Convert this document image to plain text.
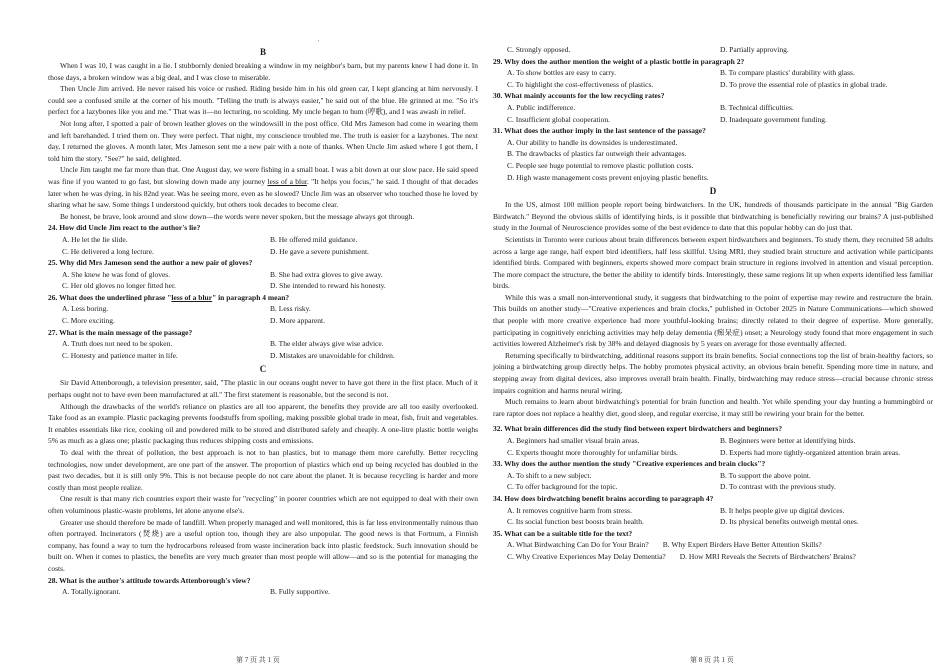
'
B

When I was 10, I was caught in a lie. I stubbornly denied breaking a window in my neighbor's barn, but my parents knew I had done it. In those days, a broken window was a big deal, and I was close to miserable.

Then Uncle Jim arrived. He never raised his voice or rushed. Riding beside him in his old green car, I kept glancing at him nervously. I could see a confused smile at the corner of his mouth. "Telling the truth is always easier," he said out of the blue. He grinned at me. "So it's perfect for a lazybones like you and me." That was it—no lecturing, no scolding. My uncle began to hum (哼歌), and I was awash in relief.

Not long after, I spotted a pair of brown leather gloves on the windowsill in the post office. Old Mrs Jameson had come in wearing them and left barehanded. I tried them on. They were perfect. That night, my conscience troubled me. The truth is easier for a lazybones. The next day, I returned the gloves. A month later, Mrs Jameson sent me a new pair with a note of thanks. When Uncle Jim asked where I got them, I told him the story. "See?" he said, delighted.

Uncle Jim taught me far more than that. One August day, we were fishing in a small boat. I was a bit down at our slow pace. He said speed was fine if you wanted to go fast, but slowing down made any journey less of a blur. "It helps you focus," he said. I thought of that decades later when he was dying, in his 82nd year. Was he seeing more, even as he slowed? Uncle Jim was an observer who touched those he loved by sharing what he saw. Some things I understood quickly, but others took decades to become clear.

Be honest, be brave, look around and slow down—the words were never spoken, but the message always got through.

24. How did Uncle Jim react to the author's lie?

A. He let the lie slide.	B. He offered mild guidance.
C. He delivered a long lecture.	D. He gave a severe punishment.

25. Why did Mrs Jameson send the author a new pair of gloves?

A. She knew he was fond of gloves.	B. She had extra gloves to give away.
C. Her old gloves no longer fitted her.	D. She intended to reward his honesty.

26. What does the underlined phrase "less of a blur" in paragraph 4 mean?

A. Less boring.	B. Less risky.
C. More exciting.	D. More apparent.

27. What is the main message of the passage?

A. Truth does not need to be spoken.	B. The elder always give wise advice.
C. Honesty and patience matter in life.	D. Mistakes are unavoidable for children.
C

Sir David Attenborough, a television presenter, said, "The plastic in our oceans ought never to have got there in the first place. Much of it perhaps ought not to have even been manufactured at all." The first statement is reasonable, but the second is not.

Although the drawbacks of the world's reliance on plastics are all too apparent, the benefits they provide are all too easily overlooked. Take food as an example. Plastic packaging prevents foodstuffs from spoiling, making possible global trade in meat, fish, fruit and vegetables. It enables essentials like rice, cooking oil and powdered milk to be stored and distributed safely and cheaply. A one-litre plastic bottle weighs 5% as much as a glass one; plastic packaging thus reduces shipping costs and emissions.

To deal with the threat of pollution, the best approach is not to ban plastics, but to manage them more carefully. Better recycling technologies, now under development, are one part of the answer. The proportion of plastics which end up being recycled has doubled in the past two decades, but it is still only 9%. This is not because people do not care about the planet. It is because recycling is harder and more costly than most people realize.

One result is that many rich countries export their waste for "recycling" in poorer countries which are not equipped to deal with their own often voluminous plastic-waste problems, let alone anyone else's.

Greater use should therefore be made of landfill. When properly managed and well monitored, this is far less environmentally ruinous than often portrayed. Incinerators (焚烧) are a useful option too, though they are also unpopular. The good news is that Fortnum, a Finnish company, has found a way to turn the hydrocarbons released from waste incineration back into plastic feedstock. Such innovation should be built on. When it comes to plastics, the benefits are very much greater than most people will allow—and so is the potential for managing the costs.

28. What is the author's attitude towards Attenborough's view?

A. Totally.ignorant.	B. Fully supportive.
第 7 页 共 1 页
C. Strongly opposed.	D. Partially approving.

29. Why does the author mention the weight of a plastic bottle in paragraph 2?

A. To show bottles are easy to carry.	B. To compare plastics' durability with glass.
C. To highlight the cost-effectiveness of plastics.	D. To prove the essential role of plastics in global trade.

30. What mainly accounts for the low recycling rates?

A. Public indifference.	B. Technical difficulties.
C. Insufficient global cooperation.	D. Inadequate government funding.

31. What does the author imply in the last sentence of the passage?

A. Our ability to handle its downsides is underestimated.
B. The drawbacks of plastics far outweigh their advantages.
C. People see huge potential to remove plastic pollution costs.
D. High waste management costs prevent enjoying plastic benefits.
D

In the US, almost 100 million people report being birdwatchers. In the UK, hundreds of thousands participate in the annual "Big Garden Birdwatch." Beyond the obvious skills of identifying birds, is it possible that birdwatching is beneficially rewiring our brains? A just-published study in the Journal of Neuroscience provides some of the best evidence to date that this popular hobby can do just that.

Scientists in Toronto were curious about brain differences between expert birdwatchers and beginners. To study them, they recruited 58 adults across a large age range, half expert bird identifiers, half less skillful. Using MRI, they studied brain structure and activation while participants identified birds. Compared with beginners, experts showed more compact brain structure in regions involved in attention and visual perception. The more compact the structure, the better the ability to identify birds. Interestingly, these same regions lit up when experts identified less familiar birds.

While this was a small non-interventional study, it suggests that birdwatching to the point of expertise may rewire and restructure the brain. This builds on another study—"Creative experiences and brain clocks," published in October 2025 in Nature Communications—which showed that people with more creative experience had more youthful-looking brains; directly related to their degree of expertise. More generally, participating in cognitively enriching activities may help delay dementia (痴呆症) onset; a Neurology study found that more engagement in such activities lowered Alzheimer's risk by 38% and delayed diagnosis by 5 years on average for those eventually affected.

Returning specifically to birdwatching, additional reasons support its brain benefits. Social connections top the list of brain-healthy factors, so joining a birdwatching group directly helps. The hobby promotes physical activity, an obvious brain benefit. Spending more time in nature, and stepping away from digital devices, also improves overall brain health. Finally, birdwatching may reduce stress—crucial because chronic stress impairs cognition and harms neural wiring.

Much remains to learn about birdwatching's potential for brain function and health. Yet while spending your day hunting a hummingbird or rare raptor does not replace a healthy diet, good sleep, and regular exercise, it may still be rewiring your brain for the better.

32. What brain differences did the study find between expert birdwatchers and beginners?

A. Beginners had smaller visual brain areas.	B. Beginners were better at identifying birds.
C. Experts thought more thoroughly for unfamiliar birds.	D. Experts had more tightly-organized attention brain areas.

33. Why does the author mention the study "Creative experiences and brain clocks"?

A. To shift to a new subject.	B. To support the above point.
C. To offer background for the topic.	D. To contrast with the previous study.

34. How does birdwatching benefit brains according to paragraph 4?

A. It removes cognitive harm from stress.	B. It helps people give up digital devices.
C. Its social function best boosts brain health.	D. Its physical benefits outweigh mental ones.

35. What can be a suitable title for the text?

A. What Birdwatching Can Do for Your Brain? B. Why Expert Birders Have Better Attention Skills?
C. Why Creative Experiences May Delay Dementia? D. How MRI Reveals the Secrets of Birdwatchers' Brains?
第 8 页 共 1 页
